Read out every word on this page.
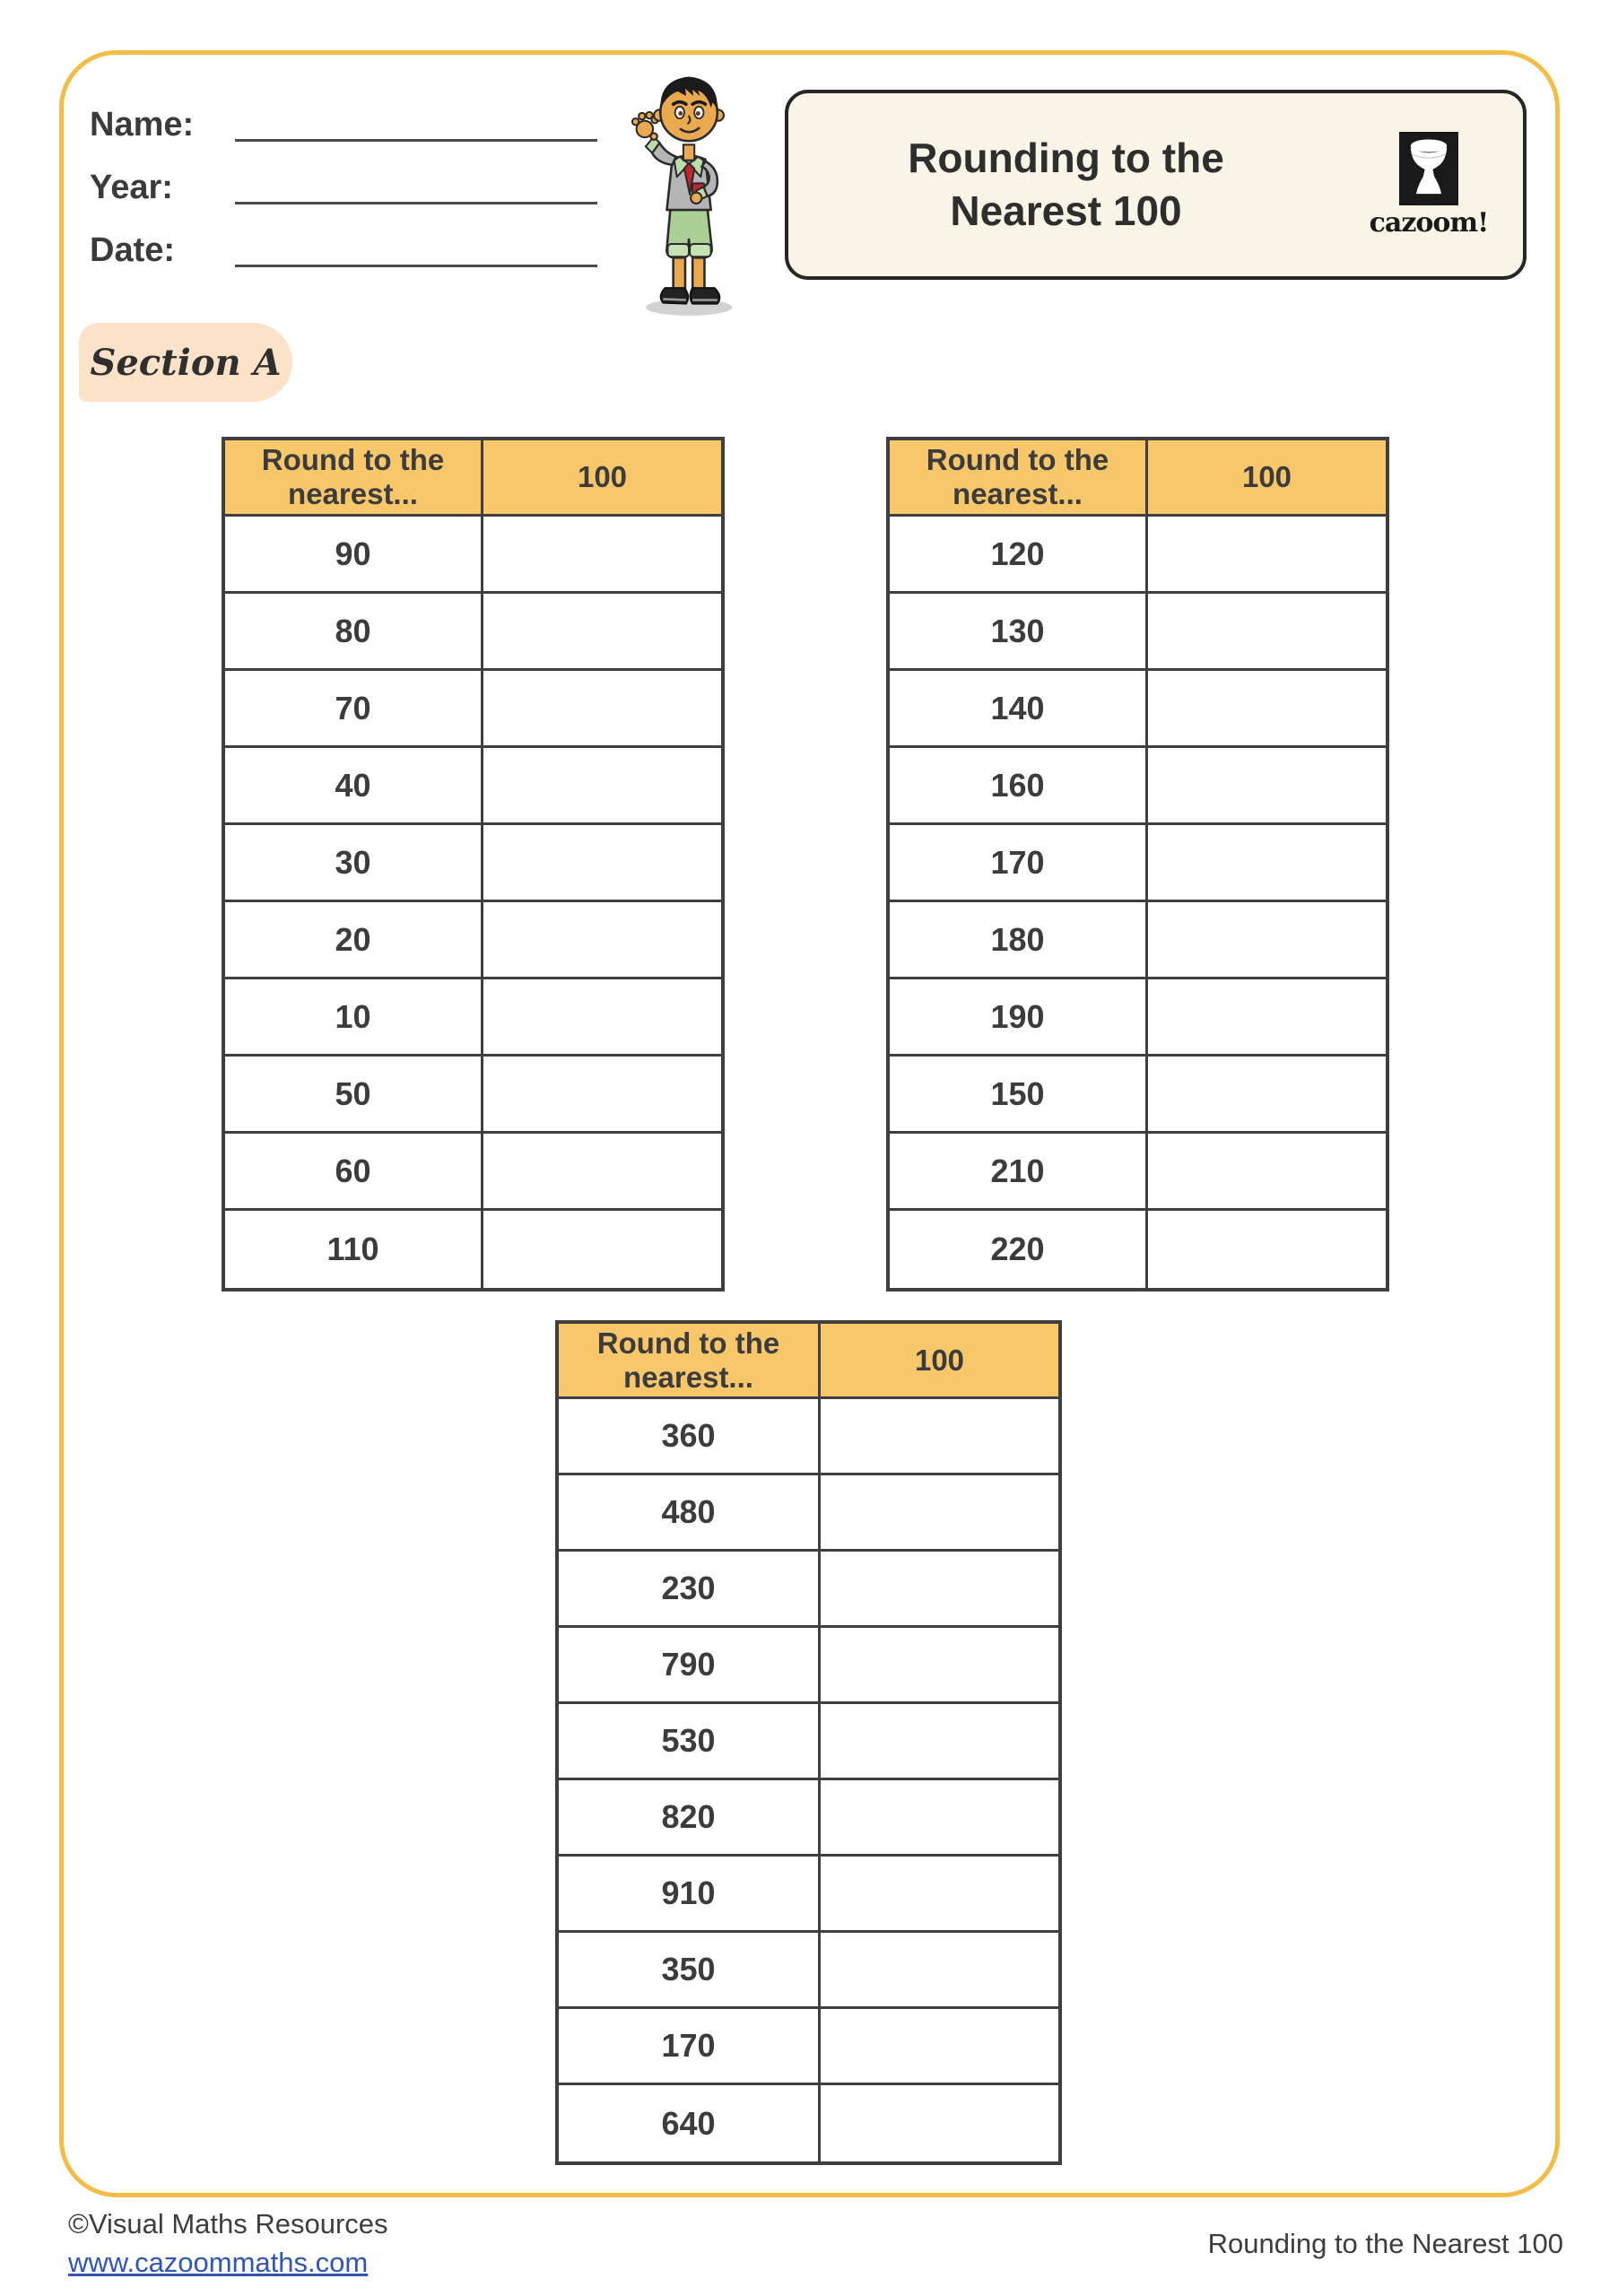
Name:
Year:
Date:
Rounding to the
Nearest 100	cazoom!
Section A
Round to the nearest...
100
90
80
70
40
30
20
10
50
60
110
Round to the nearest...
100
120
130
140
160
170
180
190
150
210
220
Round to the nearest...
100
360
480
230
790
530
820
910
350
170
640
©Visual Maths Resources
www.cazoommaths.com
Rounding to the Nearest 100
